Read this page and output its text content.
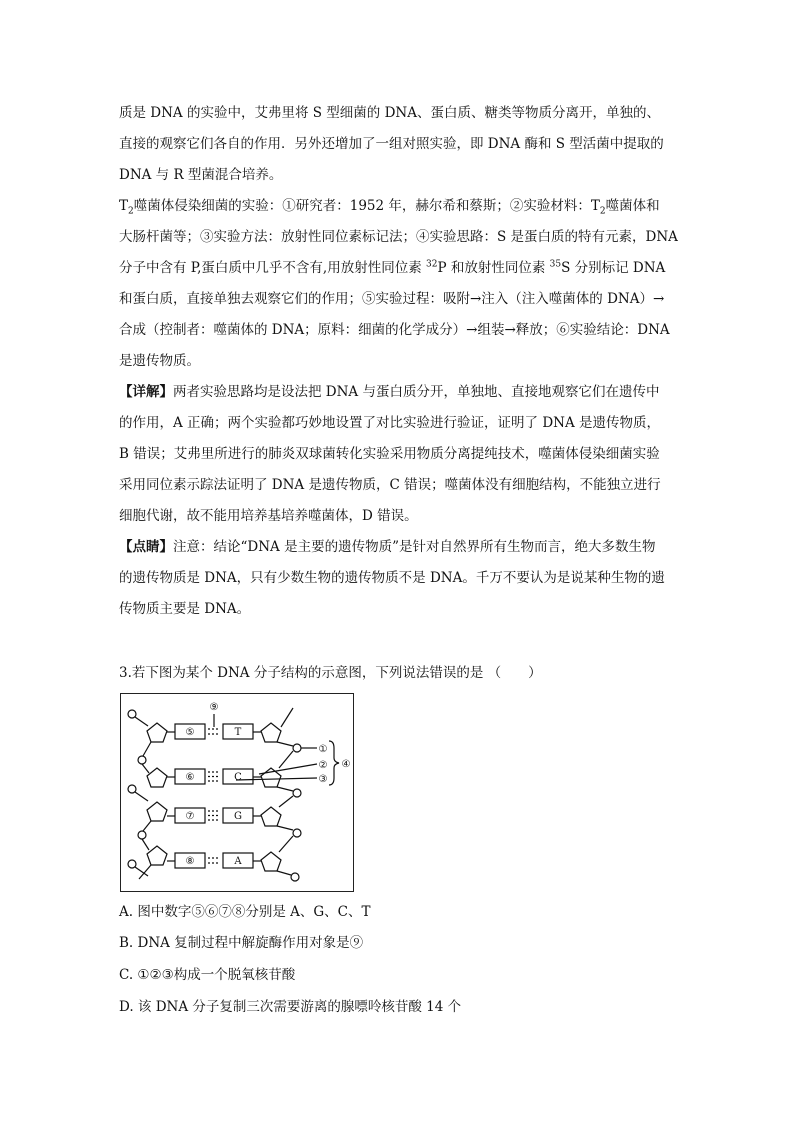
质是 DNA 的实验中，艾弗里将 S 型细菌的 DNA、蛋白质、糖类等物质分离开，单独的、

直接的观察它们各自的作用．另外还增加了一组对照实验，即 DNA 酶和 S 型活菌中提取的

DNA 与 R 型菌混合培养。

$T_2$噬菌体侵染细菌的实验：①研究者：1952 年，赫尔希和蔡斯；②实验材料：$T_2$噬菌体和

大肠杆菌等；③实验方法：放射性同位素标记法；④实验思路：S 是蛋白质的特有元素，DNA

分子中含有 P,蛋白质中几乎不含有,用放射性同位素 $^{32}$P 和放射性同位素 $^{35}$S 分别标记 DNA

和蛋白质，直接单独去观察它们的作用；⑤实验过程：吸附→注入（注入噬菌体的 DNA）→

合成（控制者：噬菌体的 DNA；原料：细菌的化学成分）→组装→释放；⑥实验结论：DNA

是遗传物质。

【详解】两者实验思路均是设法把 DNA 与蛋白质分开，单独地、直接地观察它们在遗传中

的作用，A 正确；两个实验都巧妙地设置了对比实验进行验证，证明了 DNA 是遗传物质，

B 错误；艾弗里所进行的肺炎双球菌转化实验采用物质分离提纯技术，噬菌体侵染细菌实验

采用同位素示踪法证明了 DNA 是遗传物质，C 错误；噬菌体没有细胞结构，不能独立进行

细胞代谢，故不能用培养基培养噬菌体，D 错误。

【点睛】注意：结论“DNA 是主要的遗传物质”是针对自然界所有生物而言，绝大多数生物

的遗传物质是 DNA，只有少数生物的遗传物质不是 DNA。千万不要认为是说某种生物的遗

传物质主要是 DNA。

3.若下图为某个 DNA 分子结构的示意图，下列说法错误的是 （　　）

⑤
⑥
⑦
⑧
T
C
G
A
⑨
①
②
③
④

A. 图中数字⑤⑥⑦⑧分别是 A、G、C、T

B. DNA 复制过程中解旋酶作用对象是⑨

C. ①②③构成一个脱氧核苷酸

D. 该 DNA 分子复制三次需要游离的腺嘌呤核苷酸 14 个
